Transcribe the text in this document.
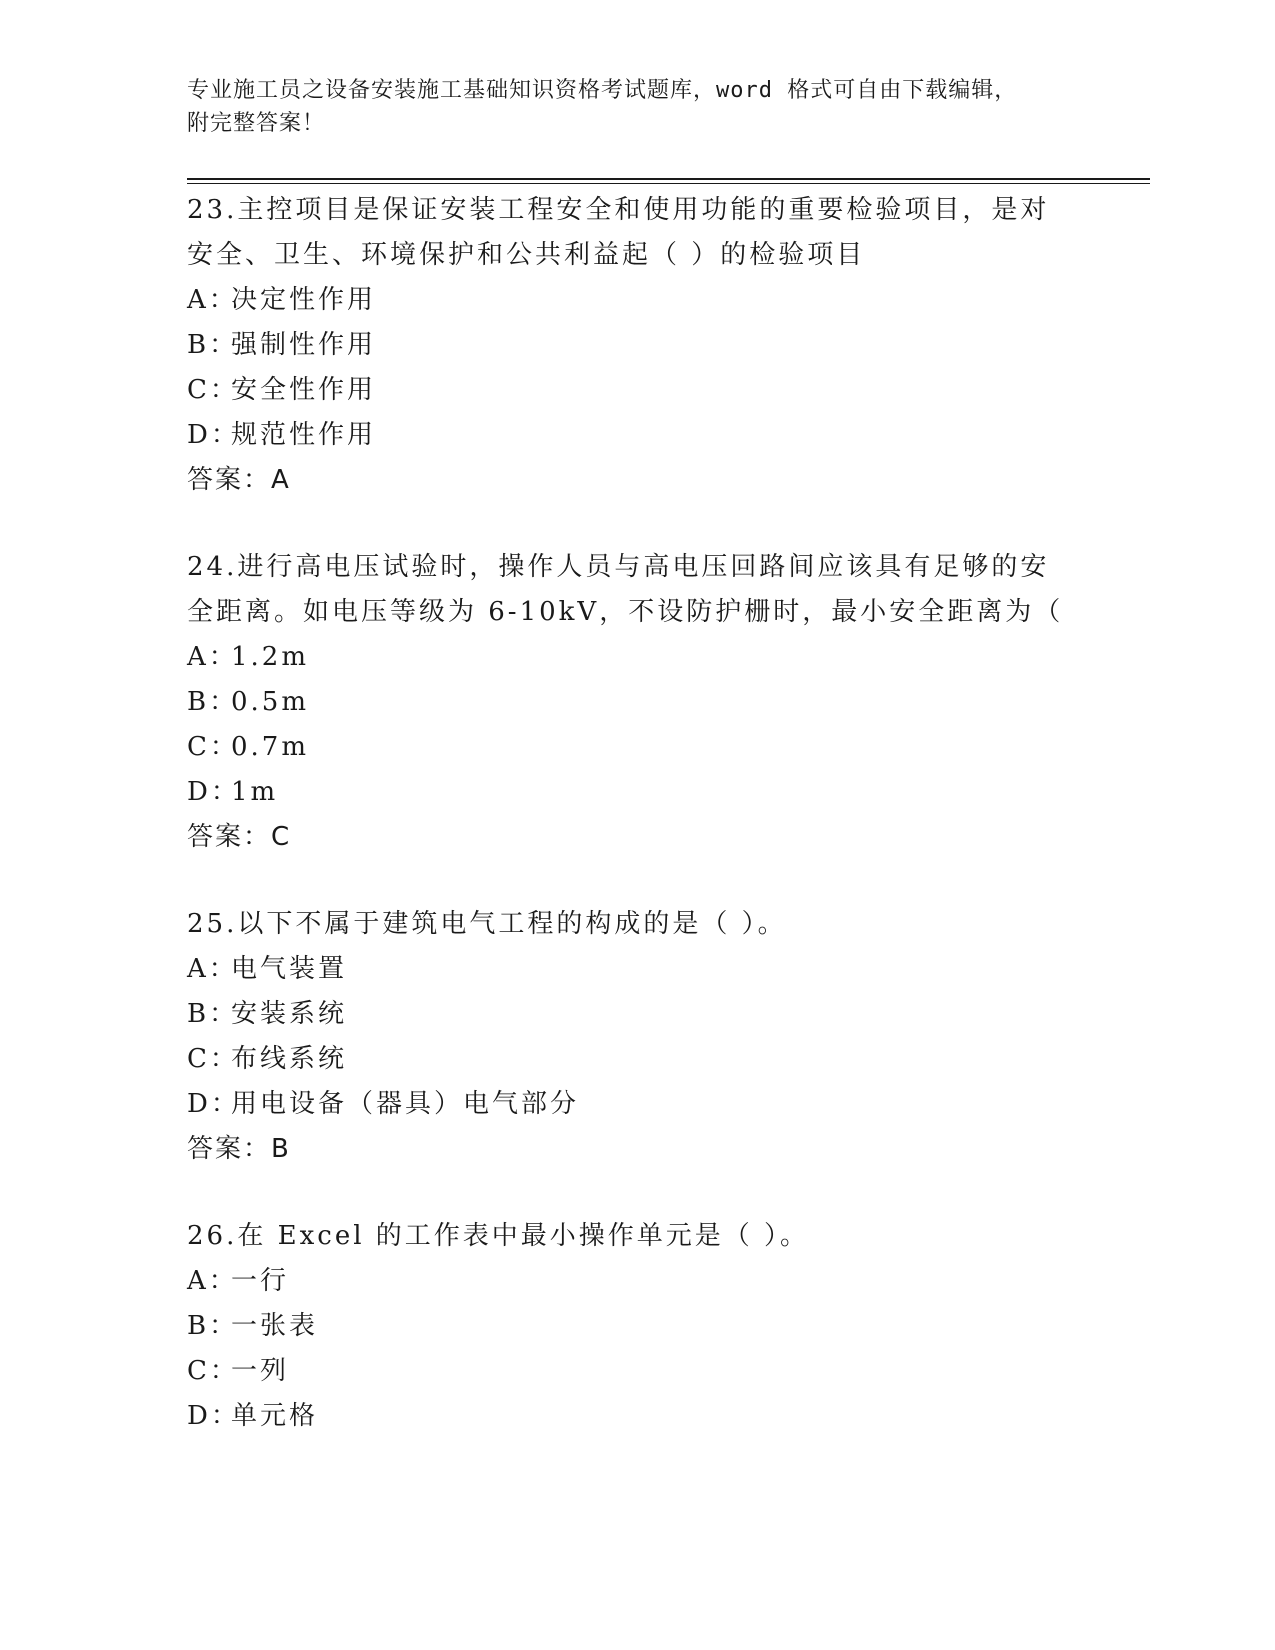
专业施工员之设备安装施工基础知识资格考试题库，word 格式可自由下载编辑，
附完整答案！
23.主控项目是保证安装工程安全和使用功能的重要检验项目，是对安全、卫生、环境保护和公共利益起（ ）的检验项目
A：决定性作用
B：强制性作用
C：安全性作用
D：规范性作用
答案：A
24.进行高电压试验时，操作人员与高电压回路间应该具有足够的安全距离。如电压等级为 6-10kV，不设防护栅时，最小安全距离为（
A：1.2m
B：0.5m
C：0.7m
D：1m
答案：C
25.以下不属于建筑电气工程的构成的是（ ）。
A：电气装置
B：安装系统
C：布线系统
D：用电设备（器具）电气部分
答案：B
26.在 Excel 的工作表中最小操作单元是（ ）。
A：一行
B：一张表
C：一列
D：单元格
